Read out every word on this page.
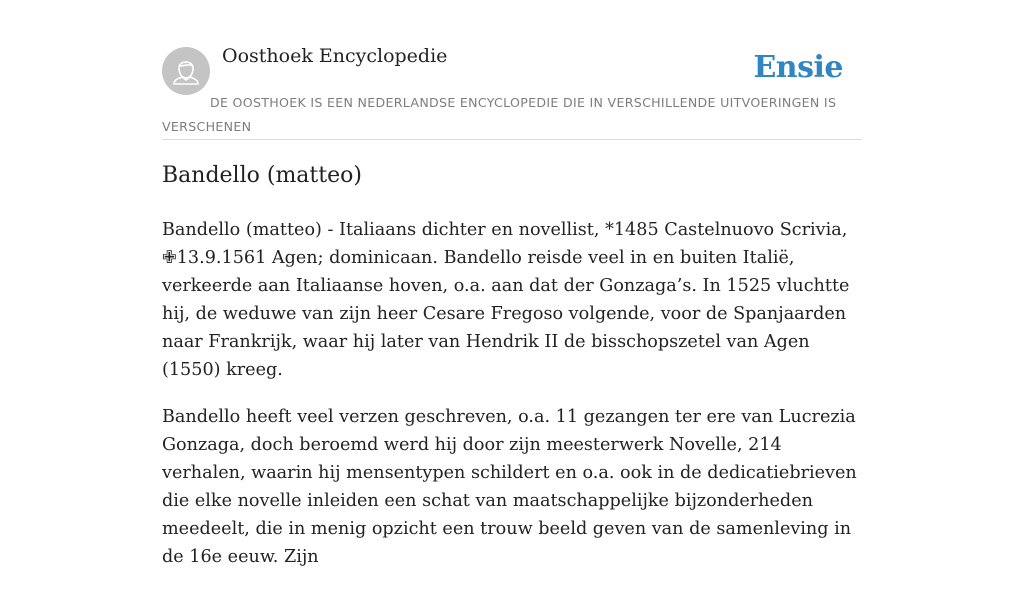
Oosthoek Encyclopedie	Ensie
DE OOSTHOEK IS EEN NEDERLANDSE ENCYCLOPEDIE DIE IN VERSCHILLENDE UITVOERINGEN IS VERSCHENEN
Bandello (matteo)

Bandello (matteo) - Italiaans dichter en novellist, *1485 Castelnuovo Scrivia, ✙13.9.1561 Agen; dominicaan. Bandello reisde veel in en buiten Italië, verkeerde aan Italiaanse hoven, o.a. aan dat der Gonzaga’s. In 1525 vluchtte hij, de weduwe van zijn heer Cesare Fregoso volgende, voor de Spanjaarden naar Frankrijk, waar hij later van Hendrik II de bisschopszetel van Agen (1550) kreeg.

Bandello heeft veel verzen geschreven, o.a. 11 gezangen ter ere van Lucrezia Gonzaga, doch beroemd werd hij door zijn meesterwerk Novelle, 214 verhalen, waarin hij mensentypen schildert en o.a. ook in de dedicatiebrieven die elke novelle inleiden een schat van maatschappelijke bijzonderheden meedeelt, die in menig opzicht een trouw beeld geven van de samenleving in de 16e eeuw. Zijn
